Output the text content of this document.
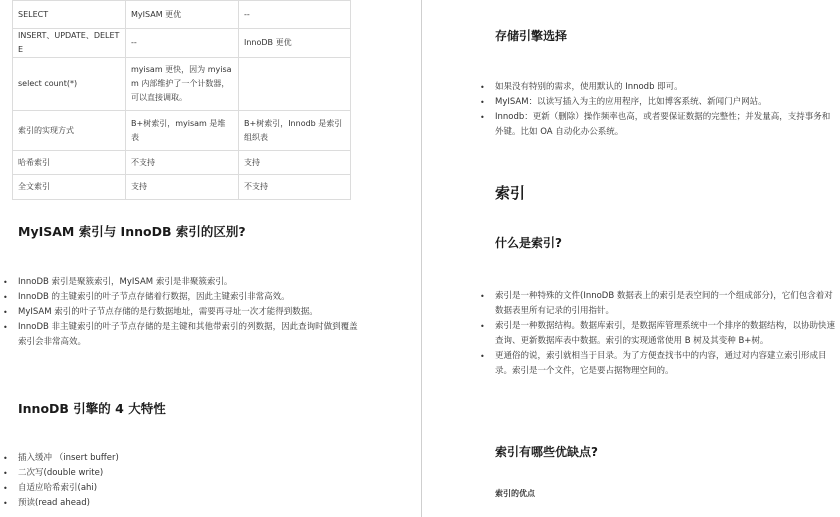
SELECT	MyISAM 更优	--
INSERT、UPDATE、DELETE	--	InnoDB 更优
select count(*)	myisam 更快，因为 myisam 内部维护了一个计数器，可以直接调取。	
索引的实现方式	B+树索引，myisam 是堆表	B+树索引，Innodb 是索引组织表
哈希索引	不支持	支持
全文索引	支持	不支持
MyISAM 索引与 InnoDB 索引的区别?
• InnoDB 索引是聚簇索引，MyISAM 索引是非聚簇索引。
• InnoDB 的主键索引的叶子节点存储着行数据，因此主键索引非常高效。
• MyISAM 索引的叶子节点存储的是行数据地址，需要再寻址一次才能得到数据。
• InnoDB 非主键索引的叶子节点存储的是主键和其他带索引的列数据，因此查询时做到覆盖索引会非常高效。
InnoDB 引擎的 4 大特性
• 插入缓冲 （insert buffer)
• 二次写(double write)
• 自适应哈希索引(ahi)
• 预读(read ahead)
存储引擎选择
• 如果没有特别的需求，使用默认的 Innodb 即可。
• MyISAM：以读写插入为主的应用程序，比如博客系统、新闻门户网站。
• Innodb：更新（删除）操作频率也高，或者要保证数据的完整性；并发量高，支持事务和外键。比如 OA 自动化办公系统。
索引
什么是索引?
• 索引是一种特殊的文件(InnoDB 数据表上的索引是表空间的一个组成部分)，它们包含着对数据表里所有记录的引用指针。
• 索引是一种数据结构。数据库索引，是数据库管理系统中一个排序的数据结构，以协助快速查询、更新数据库表中数据。索引的实现通常使用 B 树及其变种 B+树。
• 更通俗的说，索引就相当于目录。为了方便查找书中的内容，通过对内容建立索引形成目录。索引是一个文件，它是要占据物理空间的。
索引有哪些优缺点?
索引的优点
